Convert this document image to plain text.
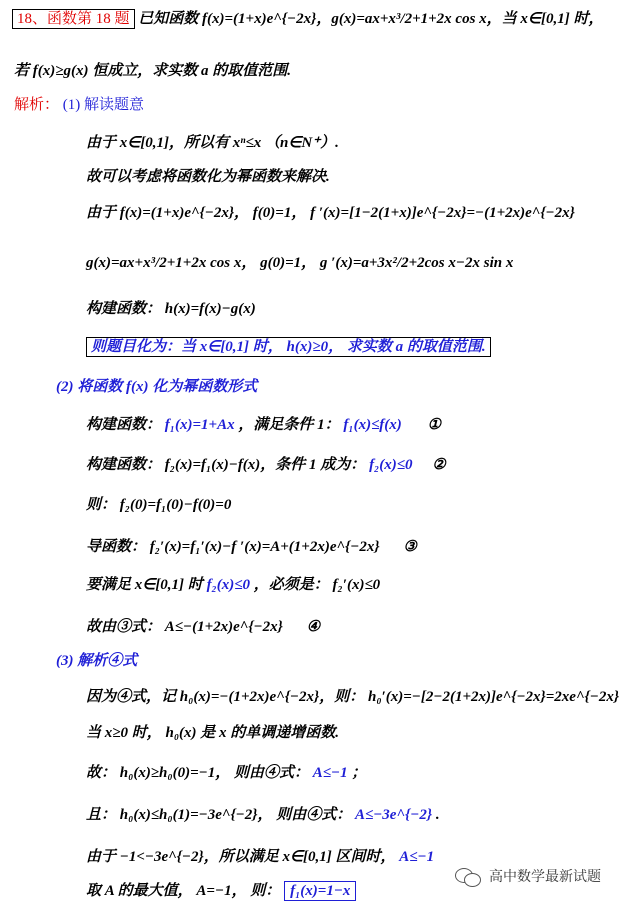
18、函数第 18 题 已知函数 f(x)=(1+x)e^{−2x}，g(x)=ax+x³/2+1+2x cos x，当 x∈[0,1] 时，
若 f(x)≥g(x) 恒成立，求实数 a 的取值范围.
解析： (1) 解读题意
由于 x∈[0,1]，所以有 xⁿ≤x （n∈N⁺）.
故可以考虑将函数化为幂函数来解决.
由于 f(x)=(1+x)e^{−2x}， f(0)=1， f ′(x)=[1−2(1+x)]e^{−2x}=−(1+2x)e^{−2x}
g(x)=ax+x³/2+1+2x cos x， g(0)=1， g ′(x)=a+3x²/2+2cos x−2x sin x
构建函数： h(x)=f(x)−g(x)
则题目化为：当 x∈[0,1] 时， h(x)≥0， 求实数 a 的取值范围.
(2) 将函数 f(x) 化为幂函数形式
构建函数： f₁(x)=1+Ax ，满足条件 1： f₁(x)≤f(x) ①
构建函数： f₂(x)=f₁(x)−f(x)，条件 1 成为： f₂(x)≤0 ②
则： f₂(0)=f₁(0)−f(0)=0
导函数： f₂′(x)=f₁′(x)−f ′(x)=A+(1+2x)e^{−2x} ③
要满足 x∈[0,1] 时 f₂(x)≤0 ，必须是： f₂′(x)≤0
故由③式： A≤−(1+2x)e^{−2x} ④
(3) 解析④式
因为④式，记 h₀(x)=−(1+2x)e^{−2x}，则： h₀′(x)=−[2−2(1+2x)]e^{−2x}=2xe^{−2x}
当 x≥0 时， h₀(x) 是 x 的单调递增函数.
故： h₀(x)≥h₀(0)=−1， 则由④式： A≤−1 ；
且： h₀(x)≤h₀(1)=−3e^{−2}， 则由④式： A≤−3e^{−2} .
由于 −1<−3e^{−2}，所以满足 x∈[0,1] 区间时， A≤−1
取 A 的最大值， A=−1， 则： f₁(x)=1−x
高中数学最新试题
